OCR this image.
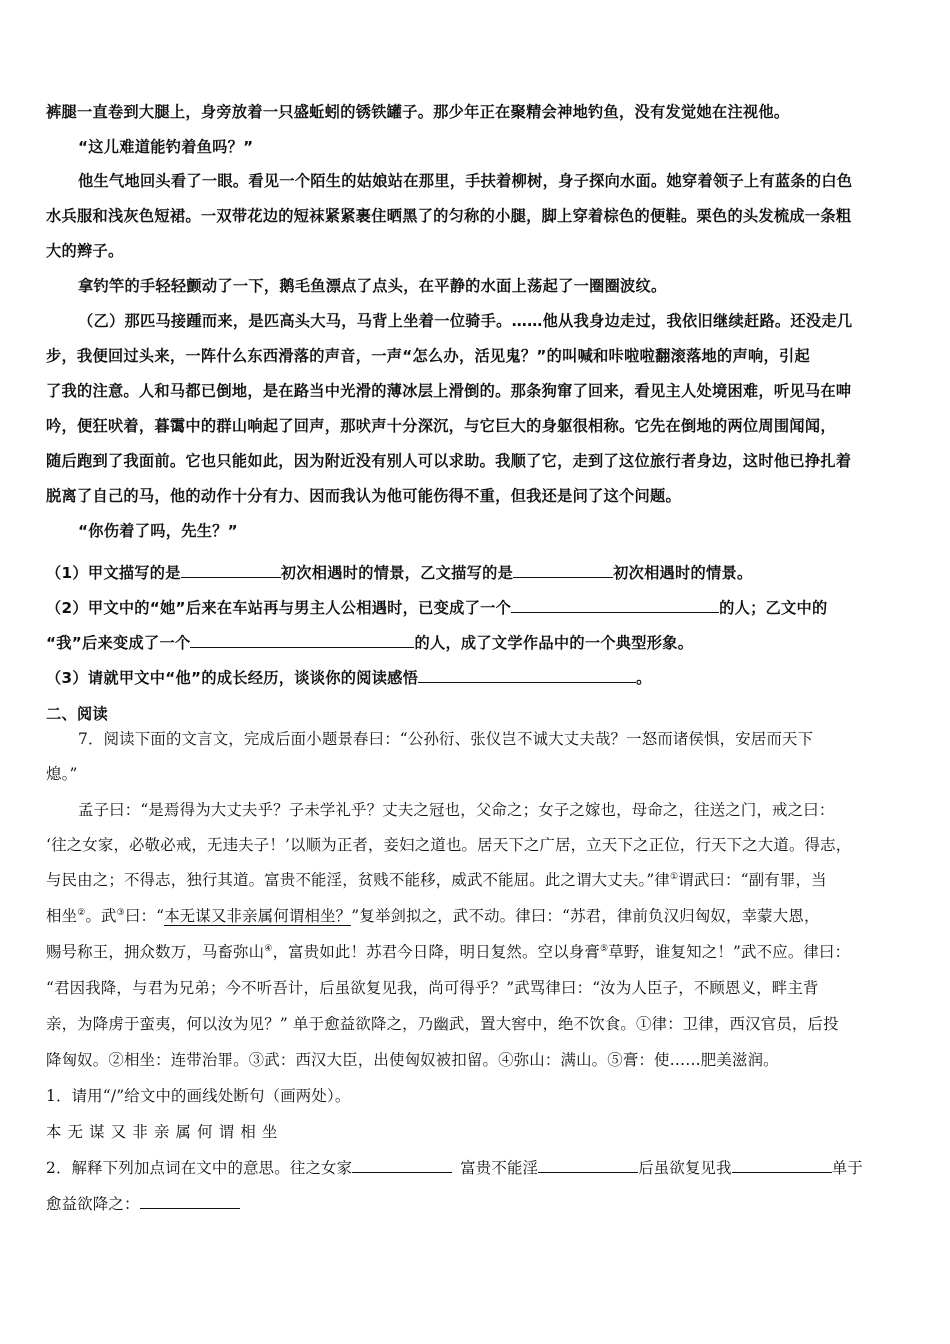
裤腿一直卷到大腿上，身旁放着一只盛蚯蚓的锈铁罐子。那少年正在聚精会神地钓鱼，没有发觉她在注视他。

“这儿难道能钓着鱼吗？”

他生气地回头看了一眼。看见一个陌生的姑娘站在那里，手扶着柳树，身子探向水面。她穿着领子上有蓝条的白色

水兵服和浅灰色短裙。一双带花边的短袜紧紧裹住晒黑了的匀称的小腿，脚上穿着棕色的便鞋。栗色的头发梳成一条粗

大的辫子。

拿钓竿的手轻轻颤动了一下，鹅毛鱼漂点了点头，在平静的水面上荡起了一圈圈波纹。

（乙）那匹马接踵而来，是匹高头大马，马背上坐着一位骑手。……他从我身边走过，我依旧继续赶路。还没走几

步，我便回过头来，一阵什么东西滑落的声音，一声“怎么办，活见鬼？”的叫喊和咔啦啦翻滚落地的声响，引起

了我的注意。人和马都已倒地，是在路当中光滑的薄冰层上滑倒的。那条狗窜了回来，看见主人处境困难，听见马在呻

吟，便狂吠着，暮霭中的群山响起了回声，那吠声十分深沉，与它巨大的身躯很相称。它先在倒地的两位周围闻闻，

随后跑到了我面前。它也只能如此，因为附近没有别人可以求助。我顺了它，走到了这位旅行者身边，这时他已挣扎着

脱离了自己的马，他的动作十分有力、因而我认为他可能伤得不重，但我还是问了这个问题。

“你伤着了吗，先生？”

（1）甲文描写的是	初次相遇时的情景，乙文描写的是	初次相遇时的情景。

（2）甲文中的“她”后来在车站再与男主人公相遇时，已变成了一个	的人；乙文中的

“我”后来变成了一个	的人，成了文学作品中的一个典型形象。

（3）请就甲文中“他”的成长经历，谈谈你的阅读感悟	。

二、阅读

7．阅读下面的文言文，完成后面小题景春曰：“公孙衍、张仪岂不诚大丈夫哉？一怒而诸侯惧，安居而天下

熄。”

孟子曰：“是焉得为大丈夫乎？子未学礼乎？丈夫之冠也，父命之；女子之嫁也，母命之，往送之门，戒之曰：

‘往之女家，必敬必戒，无违夫子！’以顺为正者，妾妇之道也。居天下之广居，立天下之正位，行天下之大道。得志，

与民由之；不得志，独行其道。富贵不能淫，贫贱不能移，威武不能屈。此之谓大丈夫。”律①谓武曰：“副有罪，当

相坐②。武③曰：“本无谋又非亲属何谓相坐？”复举剑拟之，武不动。律曰：“苏君，律前负汉归匈奴，幸蒙大恩，

赐号称王，拥众数万，马畜弥山④，富贵如此！苏君今日降，明日复然。空以身膏⑤草野，谁复知之！”武不应。律曰：

“君因我降，与君为兄弟；今不听吾计，后虽欲复见我，尚可得乎？”武骂律曰：“汝为人臣子，不顾恩义，畔主背

亲，为降虏于蛮夷，何以汝为见？” 单于愈益欲降之，乃幽武，置大窖中，绝不饮食。①律：卫律，西汉官员，后投

降匈奴。②相坐：连带治罪。③武：西汉大臣，出使匈奴被扣留。④弥山：满山。⑤膏：使……肥美滋润。

1．请用“/”给文中的画线处断句（画两处）。

本无谋又非亲属何谓相坐

2．解释下列加点词在文中的意思。往之女家	富贵不能淫	后虽欲复见我	单于

愈益欲降之：
